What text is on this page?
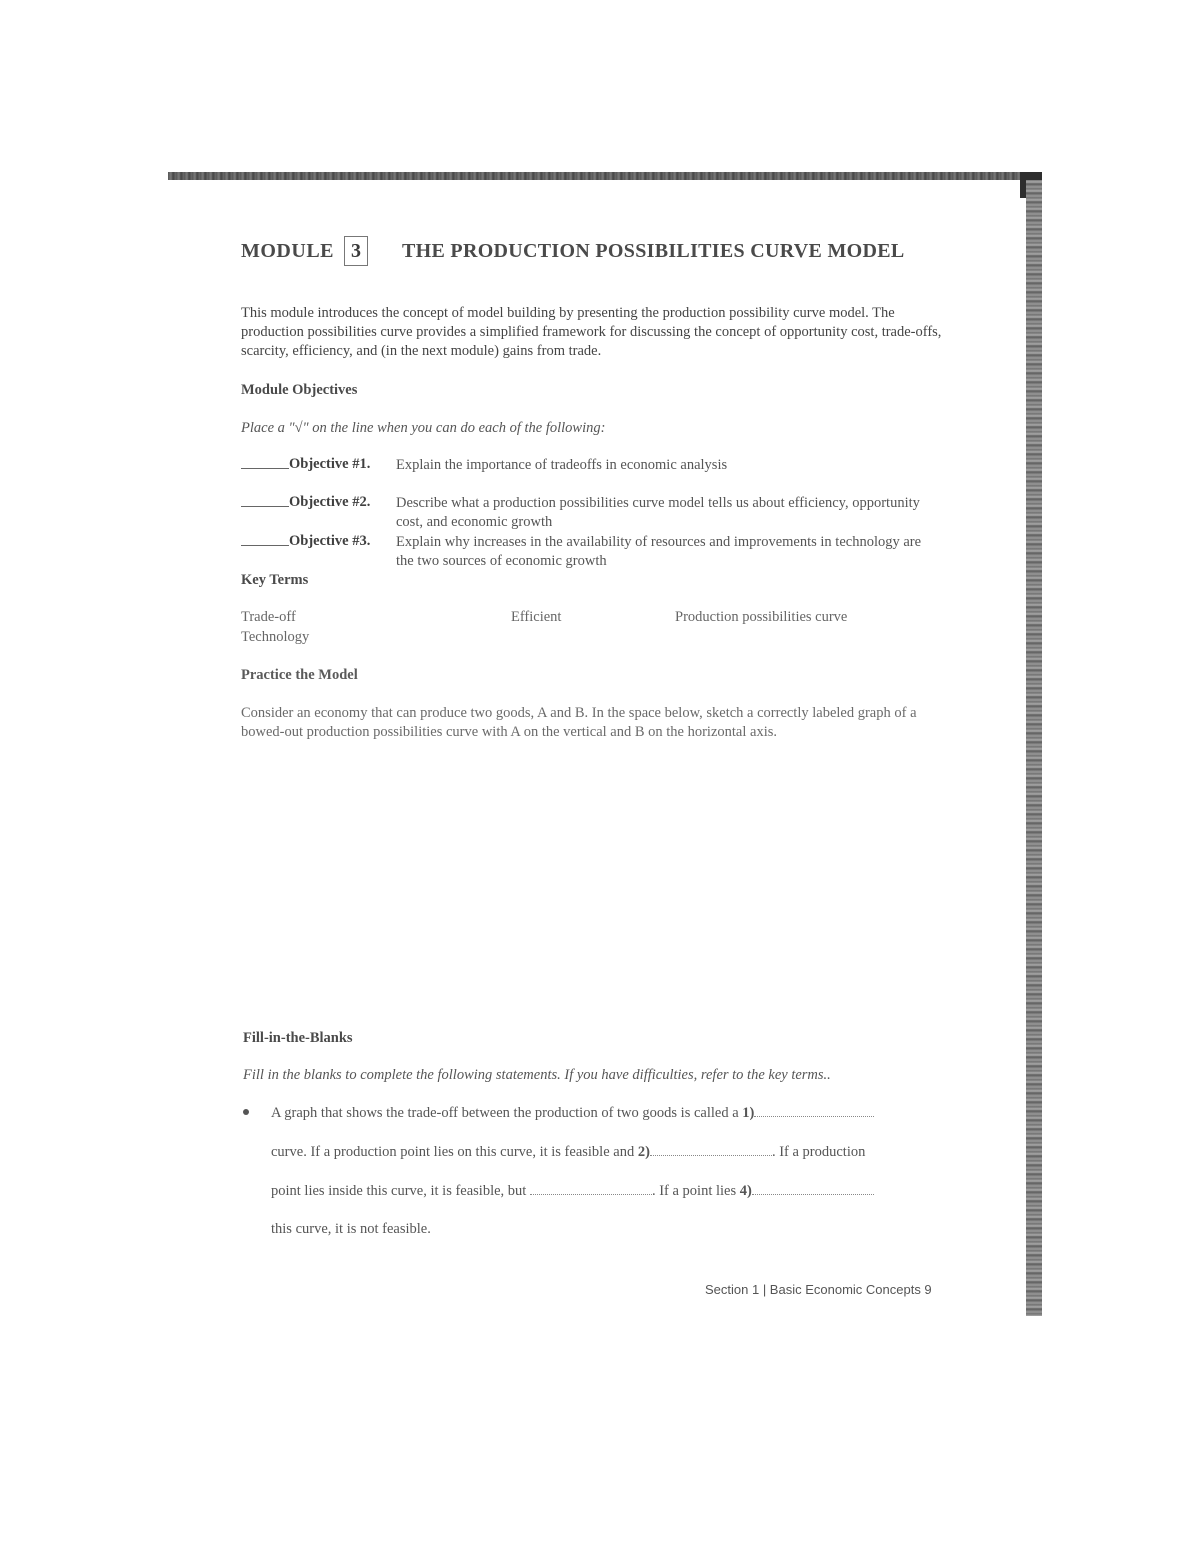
MODULE 3	THE PRODUCTION POSSIBILITIES CURVE MODEL
This module introduces the concept of model building by presenting the production possibility curve model. The production possibilities curve provides a simplified framework for discussing the concept of opportunity cost, trade-offs, scarcity, efficiency, and (in the next module) gains from trade.
Module Objectives
Place a "√" on the line when you can do each of the following:
Objective #1.	Explain the importance of tradeoffs in economic analysis
Objective #2.	Describe what a production possibilities curve model tells us about efficiency, opportunity cost, and economic growth
Objective #3.	Explain why increases in the availability of resources and improvements in technology are the two sources of economic growth
Key Terms
Trade-off	Efficient	Production possibilities curve
Technology
Practice the Model
Consider an economy that can produce two goods, A and B. In the space below, sketch a correctly labeled graph of a bowed-out production possibilities curve with A on the vertical and B on the horizontal axis.
Fill-in-the-Blanks
Fill in the blanks to complete the following statements. If you have difficulties, refer to the key terms..
A graph that shows the trade-off between the production of two goods is called a 1)
curve. If a production point lies on this curve, it is feasible and 2)	. If a production
point lies inside this curve, it is feasible, but	. If a point lies 4)
this curve, it is not feasible.
Section 1 | Basic Economic Concepts 9
